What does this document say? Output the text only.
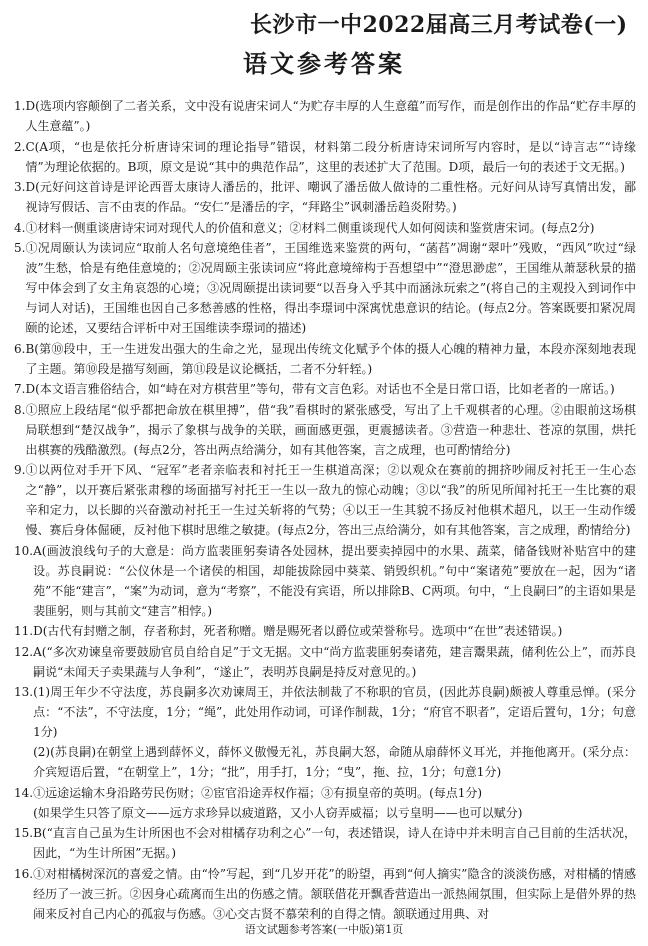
长沙市一中2022届高三月考试卷(一)
语文参考答案
1. D(选项内容颠倒了二者关系，文中没有说唐宋词人“为贮存丰厚的人生意蕴”而写作，而是创作出的作品“贮存丰厚的人生意蕴”。)
2. C(A项，“也是依托分析唐诗宋词的理论指导”错误，材料第二段分析唐诗宋词所写内容时，是以“诗言志”“诗缘情”为理论依据的。B项，原文是说“其中的典范作品”，这里的表述扩大了范围。D项，最后一句的表述于文无据。)
3. D(元好问这首诗是评论西晋太康诗人潘岳的，批评、嘲讽了潘岳做人做诗的二重性格。元好问从诗写真情出发，鄙视诗写假话、言不由衷的作品。“安仁”是潘岳的字，“拜路尘”讽刺潘岳趋炎附势。)
4. ①材料一侧重谈唐诗宋词对现代人的价值和意义；②材料二侧重谈现代人如何阅读和鉴赏唐宋词。(每点2分)
5. ①况周颐认为读词应“取前人名句意境绝佳者”，王国维选来鉴赏的两句，“菡萏”凋谢“翠叶”残败，“西风”吹过“绿波”生愁，恰是有绝佳意境的；②况周颐主张读词应“将此意境缔构于吾想望中”“澄思渺虑”，王国维从萧瑟秋景的描写中体会到了女主角哀怨的心境；③况周颐提出读词要“以吾身入乎其中而涵泳玩索之”(将自己的主观投入到词作中与词人对话)，王国维也因自己多愁善感的性格，得出李璟词中深寓忧患意识的结论。(每点2分。答案既要扣紧况周颐的论述，又要结合评析中对王国维读李璟词的描述)
6. B(第⑩段中，王一生迸发出强大的生命之光，显现出传统文化赋予个体的摄人心魄的精神力量，本段亦深刻地表现了主题。第⑩段是描写刻画，第⑪段是议论概括，二者不分轩轾。)
7. D(本文语言雅俗结合，如“峙在对方棋营里”等句，带有文言色彩。对话也不全是日常口语，比如老者的一席话。)
8. ①照应上段结尾“似乎都把命放在棋里搏”，借“我”看棋时的紧张感受，写出了上千观棋者的心理。②由眼前这场棋局联想到“楚汉战争”，揭示了象棋与战争的关联，画面感更强，更震撼读者。③营造一种悲壮、苍凉的氛围，烘托出棋赛的残酷激烈。(每点2分，答出两点给满分，如有其他答案，言之成理，也可酌情给分)
9. ①以两位对手开下风、“冠军”老者亲临表和衬托王一生棋道高深；②以观众在赛前的拥挤吵闹反衬托王一生心态之“静”，以开赛后紧张肃穆的场面描写衬托王一生以一敌九的惊心动魄；③以“我”的所见所闻衬托王一生比赛的艰辛和定力，以长脚的兴奋激动衬托王一生过关斩将的气势；④以王一生其貌不扬反衬他棋术超凡，以王一生动作缓慢、赛后身体倔硬，反衬他下棋时思维之敏捷。(每点2分，答出三点给满分，如有其他答案，言之成理，酌情给分)
10. A(画波浪线句子的大意是：尚方监裴匪躬奏请各处园林，提出要卖掉园中的水果、蔬菜，储备钱财补贴宫中的建设。苏良嗣说：“公仪休是一个诸侯的相国，却能拔除园中葵菜、销毁织机。”句中“案诸苑”要放在一起，因为“诸苑”不能“建言”，“案”为动词，意为“考察”，不能没有宾语，所以排除B、C两项。句中，“上良嗣曰”的主语如果是裴匪躬，则与其前文“建言”相悖。)
11. D(古代有封赠之制，存者称封，死者称赠。赠是赐死者以爵位或荣誉称号。选项中“在世”表述错误。)
12. A(“多次劝谏皇帝要鼓励官员自给自足”于文无据。文中“尚方监裴匪躬奏诸苑，建言鬻果蔬，储利佐公上”，而苏良嗣说“未闻天子卖果蔬与人争利”，“遂止”，表明苏良嗣是持反对意见的。)
13. (1)周王年少不守法度，苏良嗣多次劝谏周王，并依法制裁了不称职的官员，(因此苏良嗣)颇被人尊重忌惮。(采分点：“不法”，不守法度，1分；“绳”，此处用作动词，可译作制裁，1分；“府官不职者”，定语后置句，1分；句意1分)
(2)(苏良嗣)在朝堂上遇到薛怀义，薛怀义傲慢无礼，苏良嗣大怒，命随从扇薛怀义耳光，并拖他离开。(采分点：介宾短语后置，“在朝堂上”，1分；“批”，用手打，1分；“曳”，拖、拉，1分；句意1分)
14. ①远途运输木身沿路劳民伤财；②宦官沿途弄权作福；③有损皇帝的英明。(每点1分)
(如果学生只答了原文——远方求珍异以疲道路，又小人窃弄威福；以亏皇明——也可以赋分)
15. B(“直言自己虽为生计所困也不会对柑橘存功利之心”一句，表述错误，诗人在诗中并未明言自己目前的生活状况，因此，“为生计所困”无据。)
16. ①对柑橘树深沉的喜爱之情。由“怜”写起，到“几岁开花”的盼望，再到“何人摘实”隐含的淡淡伤感，对柑橘的情感经历了一波三折。②因身心疏离而生出的伤感之情。颔联借花开飘香营造出一派热闹氛围，但实际上是借外界的热闹来反衬自己内心的孤寂与伤感。③心交古贤不慕荣利的自得之情。颔联通过用典、对
语文试题参考答案(一中版)第1页
